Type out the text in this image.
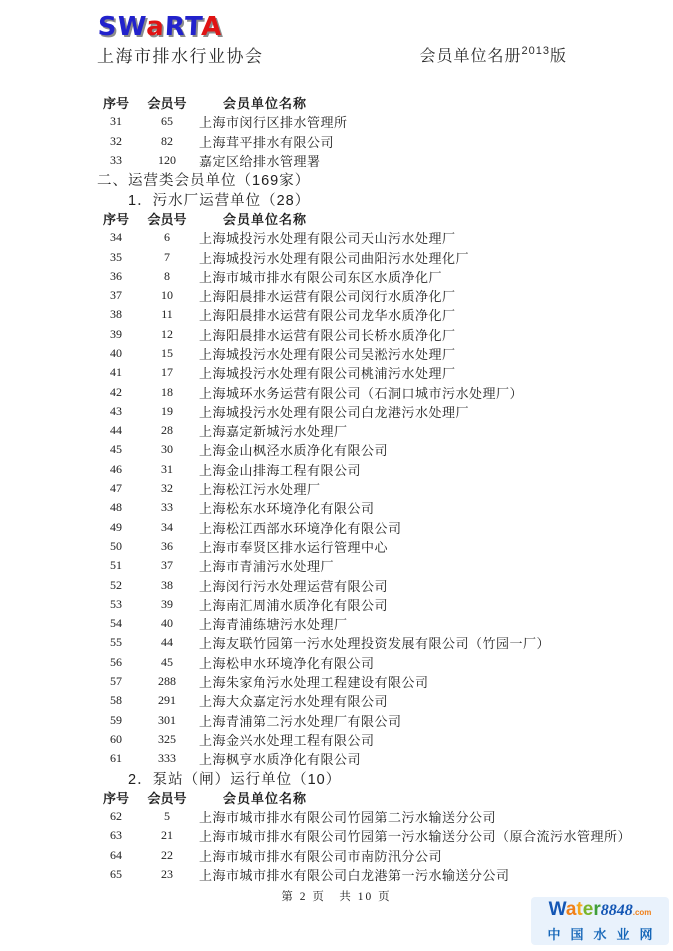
SWaRTA
上海市排水行业协会	会员单位名册$^{2013}$版
序号	会员号	会员单位名称
31	65	上海市闵行区排水管理所
32	82	上海茸平排水有限公司
33	120	嘉定区给排水管理署
二、运营类会员单位（169家）
1．污水厂运营单位（28）
序号	会员号	会员单位名称
34	6	上海城投污水处理有限公司天山污水处理厂
35	7	上海城投污水处理有限公司曲阳污水处理化厂
36	8	上海市城市排水有限公司东区水质净化厂
37	10	上海阳晨排水运营有限公司闵行水质净化厂
38	11	上海阳晨排水运营有限公司龙华水质净化厂
39	12	上海阳晨排水运营有限公司长桥水质净化厂
40	15	上海城投污水处理有限公司吴淞污水处理厂
41	17	上海城投污水处理有限公司桃浦污水处理厂
42	18	上海城环水务运营有限公司（石洞口城市污水处理厂）
43	19	上海城投污水处理有限公司白龙港污水处理厂
44	28	上海嘉定新城污水处理厂
45	30	上海金山枫泾水质净化有限公司
46	31	上海金山排海工程有限公司
47	32	上海松江污水处理厂
48	33	上海松东水环境净化有限公司
49	34	上海松江西部水环境净化有限公司
50	36	上海市奉贤区排水运行管理中心
51	37	上海市青浦污水处理厂
52	38	上海闵行污水处理运营有限公司
53	39	上海南汇周浦水质净化有限公司
54	40	上海青浦练塘污水处理厂
55	44	上海友联竹园第一污水处理投资发展有限公司（竹园一厂）
56	45	上海松申水环境净化有限公司
57	288	上海朱家角污水处理工程建设有限公司
58	291	上海大众嘉定污水处理有限公司
59	301	上海青浦第二污水处理厂有限公司
60	325	上海金兴水处理工程有限公司
61	333	上海枫亨水质净化有限公司
2．泵站（闸）运行单位（10）
序号	会员号	会员单位名称
62	5	上海市城市排水有限公司竹园第二污水输送分公司
63	21	上海市城市排水有限公司竹园第一污水输送分公司（原合流污水管理所）
64	22	上海市城市排水有限公司市南防汛分公司
65	23	上海市城市排水有限公司白龙港第一污水输送分公司
第 2 页　共 10 页
Water8848.com
中国水业网
